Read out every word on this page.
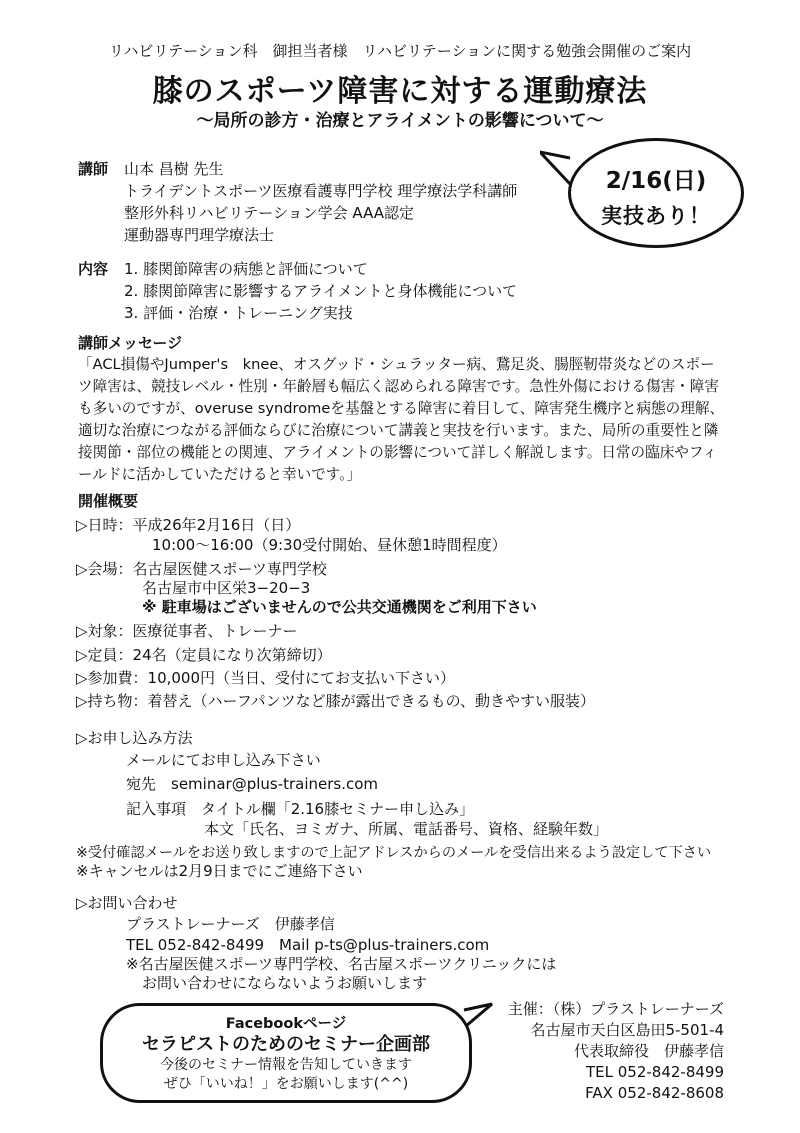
リハビリテーション科　御担当者様　リハビリテーションに関する勉強会開催のご案内
膝のスポーツ障害に対する運動療法
〜局所の診方・治療とアライメントの影響について〜
2/16(日)
実技あり！
講師 山本 昌樹 先生
トライデントスポーツ医療看護専門学校 理学療法学科講師
整形外科リハビリテーション学会 AAA認定
運動器専門理学療法士
内容 1. 膝関節障害の病態と評価について
2. 膝関節障害に影響するアライメントと身体機能について
3. 評価・治療・トレーニング実技
講師メッセージ
「ACL損傷やJumper's　knee、オスグッド・シュラッター病、鵞足炎、腸脛靭帯炎などのスポーツ障害は、競技レベル・性別・年齢層も幅広く認められる障害です。急性外傷における傷害・障害も多いのですが、overuse syndromeを基盤とする障害に着目して、障害発生機序と病態の理解、適切な治療につながる評価ならびに治療について講義と実技を行います。また、局所の重要性と隣接関節・部位の機能との関連、アライメントの影響について詳しく解説します。日常の臨床やフィールドに活かしていただけると幸いです。」
開催概要
▷日時：平成26年2月16日（日）
10:00〜16:00（9:30受付開始、昼休憩1時間程度）
▷会場：名古屋医健スポーツ専門学校
名古屋市中区栄3−20−3
※ 駐車場はございませんので公共交通機関をご利用下さい
▷対象：医療従事者、トレーナー
▷定員：24名（定員になり次第締切）
▷参加費：10,000円（当日、受付にてお支払い下さい）
▷持ち物：着替え（ハーフパンツなど膝が露出できるもの、動きやすい服装）
▷お申し込み方法
メールにてお申し込み下さい
宛先　seminar@plus-trainers.com
記入事項　タイトル欄「2.16膝セミナー申し込み」
本文「氏名、ヨミガナ、所属、電話番号、資格、経験年数」
※受付確認メールをお送り致しますので上記アドレスからのメールを受信出来るよう設定して下さい
※キャンセルは2月9日までにご連絡下さい
▷お問い合わせ
プラストレーナーズ　伊藤孝信
TEL 052-842-8499　Mail p-ts@plus-trainers.com
※名古屋医健スポーツ専門学校、名古屋スポーツクリニックには
お問い合わせにならないようお願いします
Facebookページ
セラピストのためのセミナー企画部
今後のセミナー情報を告知していきます
ぜひ「いいね！」をお願いします(^^)
主催：（株）プラストレーナーズ
名古屋市天白区島田5-501-4
代表取締役　伊藤孝信
TEL 052-842-8499
FAX 052-842-8608
